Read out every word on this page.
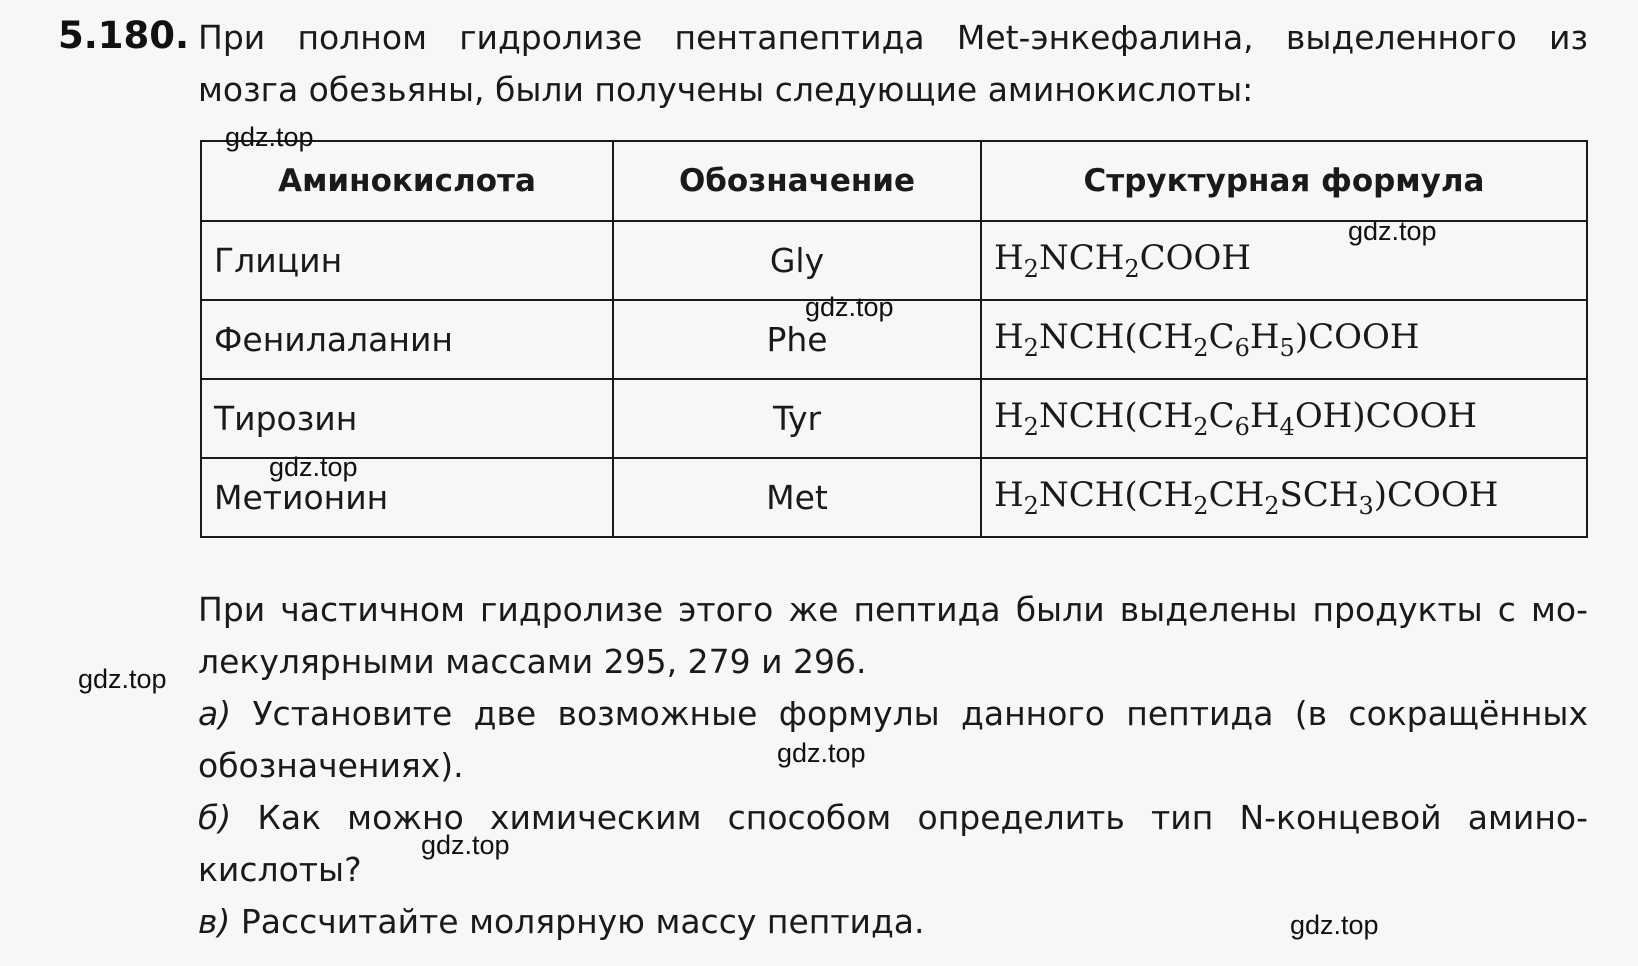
5.180. При полном гидролизе пентапептида Met-энкефалина, выделенного из
мозга обезьяны, были получены следующие аминокислоты:
Аминокислота	Обозначение	Структурная формула
Глицин	Gly	$H_2NCH_2COOH$
Фенилаланин	Phe	$H_2NCH(CH_2C_6H_5)COOH$
Тирозин	Tyr	$H_2NCH(CH_2C_6H_4OH)COOH$
Метионин	Met	$H_2NCH(CH_2CH_2SCH_3)COOH$
При частичном гидролизе этого же пептида были выделены продукты с мо-
лекулярными массами 295, 279 и 296.
а) Установите две возможные формулы данного пептида (в сокращённых
обозначениях).
б) Как можно химическим способом определить тип N-концевой амино-
кислоты?
в) Рассчитайте молярную массу пептида.
gdz.top
gdz.top
gdz.top
gdz.top
gdz.top
gdz.top
gdz.top
gdz.top
